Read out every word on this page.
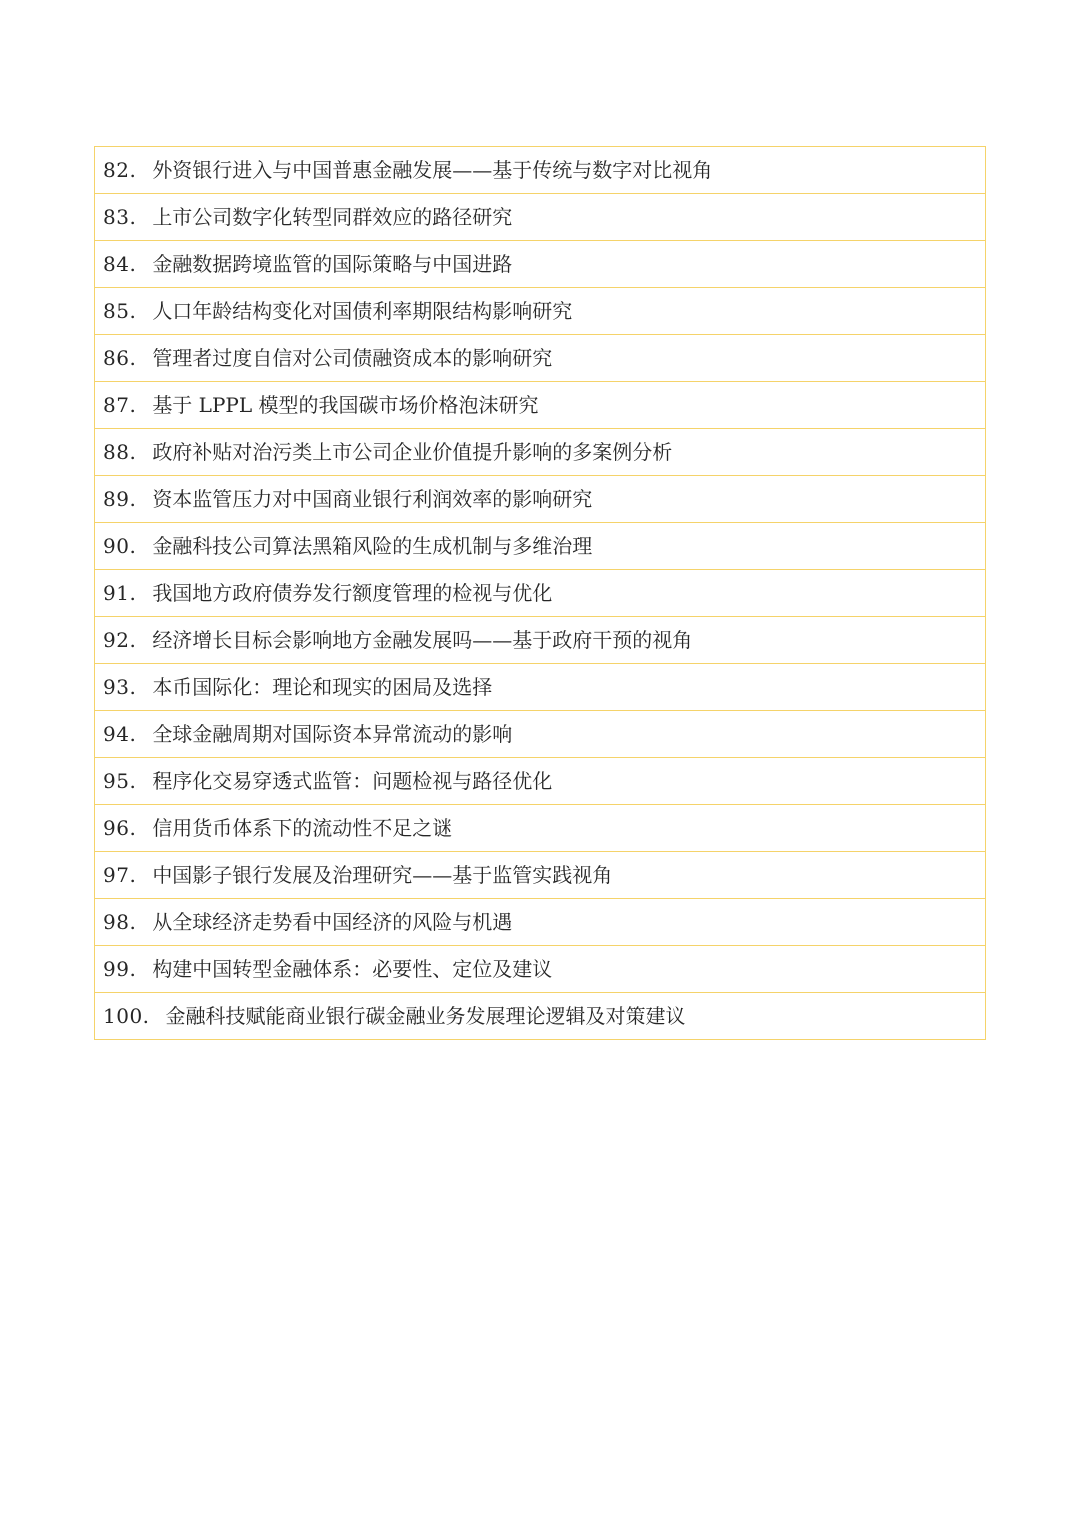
82. 外资银行进入与中国普惠金融发展——基于传统与数字对比视角
83. 上市公司数字化转型同群效应的路径研究
84. 金融数据跨境监管的国际策略与中国进路
85. 人口年龄结构变化对国债利率期限结构影响研究
86. 管理者过度自信对公司债融资成本的影响研究
87. 基于 LPPL 模型的我国碳市场价格泡沫研究
88. 政府补贴对治污类上市公司企业价值提升影响的多案例分析
89. 资本监管压力对中国商业银行利润效率的影响研究
90. 金融科技公司算法黑箱风险的生成机制与多维治理
91. 我国地方政府债券发行额度管理的检视与优化
92. 经济增长目标会影响地方金融发展吗——基于政府干预的视角
93. 本币国际化：理论和现实的困局及选择
94. 全球金融周期对国际资本异常流动的影响
95. 程序化交易穿透式监管：问题检视与路径优化
96. 信用货币体系下的流动性不足之谜
97. 中国影子银行发展及治理研究——基于监管实践视角
98. 从全球经济走势看中国经济的风险与机遇
99. 构建中国转型金融体系：必要性、定位及建议
100. 金融科技赋能商业银行碳金融业务发展理论逻辑及对策建议
